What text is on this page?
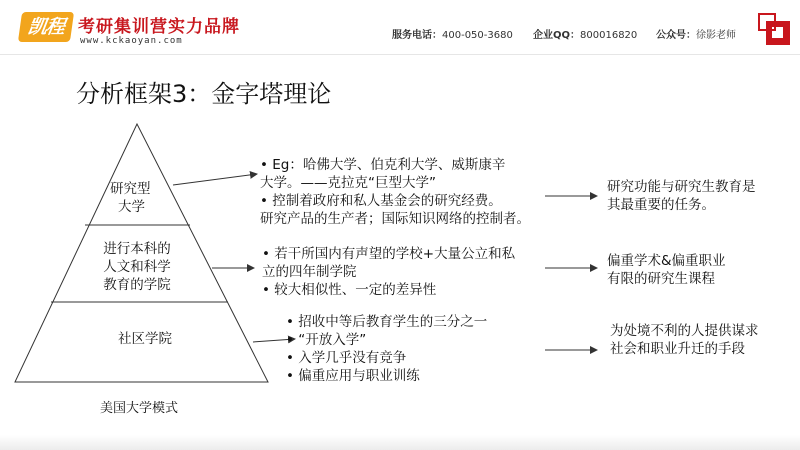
凯程 考研集训营实力品牌
www.kckaoyan.com	服务电话：400-050-3680 企业QQ：800016820 公众号：徐影老师
分析框架3：金字塔理论
研究型
大学
进行本科的
人文和科学
教育的学院
社区学院
• Eg：哈佛大学、伯克利大学、威斯康辛
大学。——克拉克“巨型大学”
• 控制着政府和私人基金会的研究经费。
研究产品的生产者；国际知识网络的控制者。
• 若干所国内有声望的学校+大量公立和私
立的四年制学院
• 较大相似性、一定的差异性
• 招收中等后教育学生的三分之一
• “开放入学”
• 入学几乎没有竞争
• 偏重应用与职业训练
研究功能与研究生教育是
其最重要的任务。
偏重学术&偏重职业
有限的研究生课程
为处境不利的人提供谋求
社会和职业升迁的手段
美国大学模式
